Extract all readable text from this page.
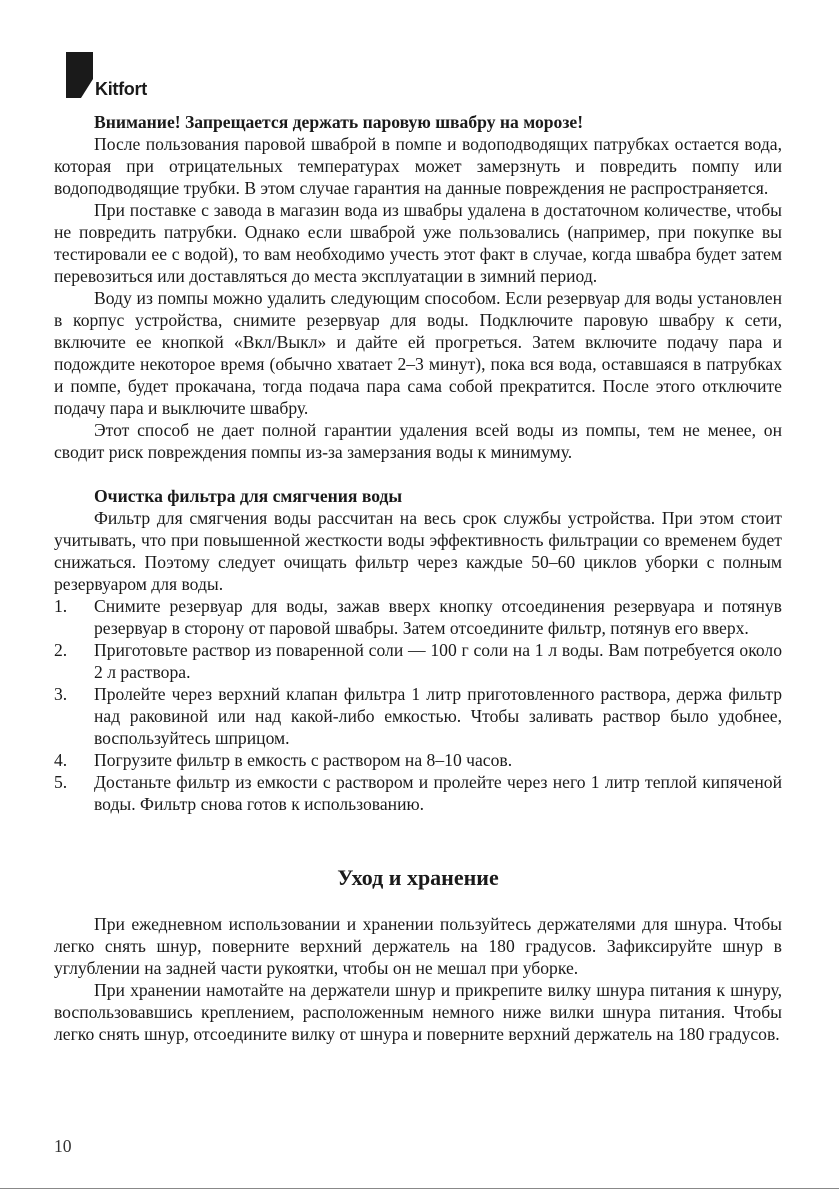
Kitfort

Внимание! Запрещается держать паровую швабру на морозе!

После пользования паровой шваброй в помпе и водоподводящих патрубках остается вода, которая при отрицательных температурах может замерзнуть и повредить помпу или водоподводящие трубки. В этом случае гарантия на данные повреждения не распространяется.

При поставке с завода в магазин вода из швабры удалена в достаточном количестве, чтобы не повредить патрубки. Однако если шваброй уже пользовались (например, при покупке вы тестировали ее с водой), то вам необходимо учесть этот факт в случае, когда швабра будет затем перевозиться или доставляться до места эксплуатации в зимний период.

Воду из помпы можно удалить следующим способом. Если резервуар для воды установлен в корпус устройства, снимите резервуар для воды. Подключите паровую швабру к сети, включите ее кнопкой «Вкл/Выкл» и дайте ей прогреться. Затем включите подачу пара и подождите некоторое время (обычно хватает 2–3 минут), пока вся вода, оставшаяся в патрубках и помпе, будет прокачана, тогда подача пара сама собой прекратится. После этого отключите подачу пара и выключите швабру.

Этот способ не дает полной гарантии удаления всей воды из помпы, тем не менее, он сводит риск повреждения помпы из-за замерзания воды к минимуму.

Очистка фильтра для смягчения воды

Фильтр для смягчения воды рассчитан на весь срок службы устройства. При этом стоит учитывать, что при повышенной жесткости воды эффективность фильтрации со временем будет снижаться. Поэтому следует очищать фильтр через каждые 50–60 циклов уборки с полным резервуаром для воды.

1.	Снимите резервуар для воды, зажав вверх кнопку отсоединения резервуара и потянув резервуар в сторону от паровой швабры. Затем отсоедините фильтр, потянув его вверх.
2.	Приготовьте раствор из поваренной соли — 100 г соли на 1 л воды. Вам потребуется около 2 л раствора.
3.	Пролейте через верхний клапан фильтра 1 литр приготовленного раствора, держа фильтр над раковиной или над какой-либо емкостью. Чтобы заливать раствор было удобнее, воспользуйтесь шприцом.
4.	Погрузите фильтр в емкость с раствором на 8–10 часов.
5.	Достаньте фильтр из емкости с раствором и пролейте через него 1 литр теплой кипяченой воды. Фильтр снова готов к использованию.
Уход и хранение

При ежедневном использовании и хранении пользуйтесь держателями для шнура. Чтобы легко снять шнур, поверните верхний держатель на 180 градусов. Зафиксируйте шнур в углублении на задней части рукоятки, чтобы он не мешал при уборке.

При хранении намотайте на держатели шнур и прикрепите вилку шнура питания к шнуру, воспользовавшись креплением, расположенным немного ниже вилки шнура питания. Чтобы легко снять шнур, отсоедините вилку от шнура и поверните верхний держатель на 180 градусов.

10
